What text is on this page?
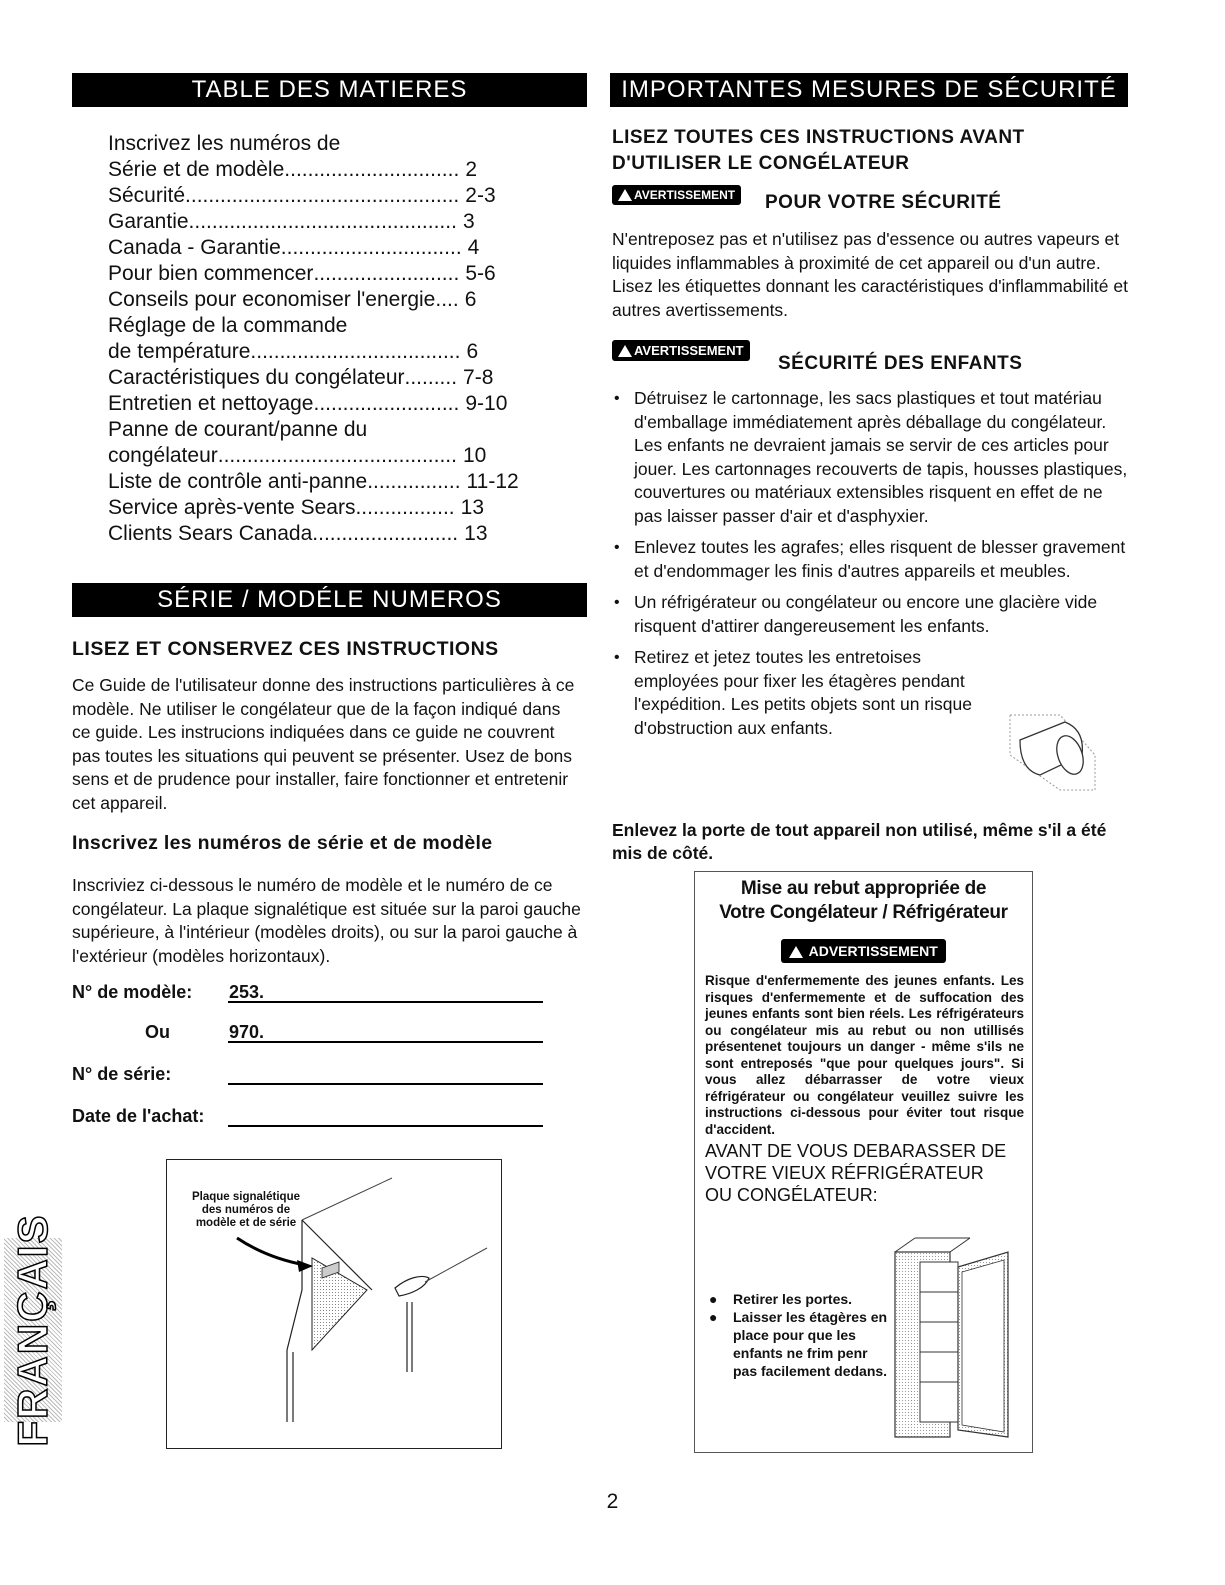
TABLE DES MATIERES
Inscrivez les numéros de
Série et de modèle .............................. 2
Sécurité ............................................... 2-3
Garantie .............................................. 3
Canada - Garantie ............................... 4
Pour bien commencer ......................... 5-6
Conseils pour economiser l'energie .... 6
Réglage de la commande
de température .................................... 6
Caractéristiques du congélateur ......... 7-8
Entretien et nettoyage ......................... 9-10
Panne de courant/panne du
congélateur ......................................... 10
Liste de contrôle anti-panne ................ 11-12
Service après-vente Sears ................. 13
Clients Sears Canada ......................... 13
SÉRIE / MODÉLE NUMEROS
LISEZ ET CONSERVEZ CES INSTRUCTIONS
Ce Guide de l'utilisateur donne des instructions particulières à ce modèle. Ne utiliser le congélateur que de la façon indiqué dans ce guide. Les instrucions indiquées dans ce guide ne couvrent pas toutes les situations qui peuvent se présenter. Usez de bons sens et de prudence pour installer, faire fonctionner et entretenir cet appareil.
Inscrivez les numéros de série et de modèle
Inscriviez ci-dessous le numéro de modèle et le numéro de ce congélateur. La plaque signalétique est située sur la paroi gauche supérieure, à l'intérieur (modèles droits), ou sur la paroi gauche à l'extérieur (modèles horizontaux).
N° de modèle: 253.
Ou	970.
N° de série:
Date de l'achat:
Plaque signalétique
des numéros de
modèle et de série
FRANÇAIS
IMPORTANTES MESURES DE SÉCURITÉ
LISEZ TOUTES CES INSTRUCTIONS AVANT
D'UTILISER LE CONGÉLATEUR
AVERTISSEMENT	POUR VOTRE SÉCURITÉ
N'entreposez pas et n'utilisez pas d'essence ou autres vapeurs et liquides inflammables à proximité de cet appareil ou d'un autre. Lisez les étiquettes donnant les caractéristiques d'inflammabilité et autres avertissements.
AVERTISSEMENT
SÉCURITÉ DES ENFANTS
• Détruisez le cartonnage, les sacs plastiques et tout matériau d'emballage immédiatement après déballage du congélateur. Les enfants ne devraient jamais se servir de ces articles pour jouer. Les cartonnages recouverts de tapis, housses plastiques, couvertures ou matériaux extensibles risquent en effet de ne pas laisser passer d'air et d'asphyxier.
• Enlevez toutes les agrafes; elles risquent de blesser gravement et d'endommager les finis d'autres appareils et meubles.
• Un réfrigérateur ou congélateur ou encore une glacière vide risquent d'attirer dangereusement les enfants.
• Retirez et jetez toutes les entretoises employées pour fixer les étagères pendant l'expédition. Les petits objets sont un risque d'obstruction aux enfants.
Enlevez la porte de tout appareil non utilisé, même s'il a été mis de côté.
Mise au rebut appropriée de
Votre Congélateur / Réfrigérateur
ADVERTISSEMENT
Risque d'enfermemente des jeunes enfants. Les risques d'enfermemente et de suffocation des jeunes enfants sont bien réels. Les réfrigérateurs ou congélateur mis au rebut ou non utillisés présentenet toujours un danger - même s'ils ne sont entreposés "que pour quelques jours". Si vous allez débarrasser de votre vieux réfrigérateur ou congélateur veuillez suivre les instructions ci-dessous pour éviter tout risque d'accident.
AVANT DE VOUS DEBARASSER DE
VOTRE VIEUX RÉFRIGÉRATEUR
OU CONGÉLATEUR:
● Retirer les portes.
● Laisser les étagères en place pour que les enfants ne frim penr pas facilement dedans.
2
